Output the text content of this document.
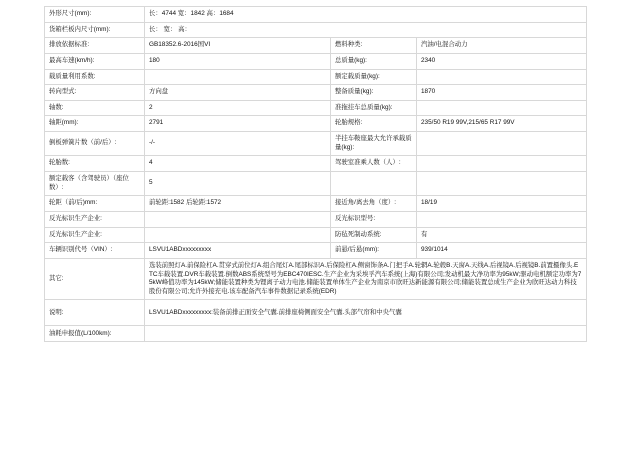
外形尺寸(mm):	长：4744 宽：1842 高：1684		
货箱栏板内尺寸(mm):	长： 宽： 高：		
排放依据标准:	GB18352.6-2016国VI	燃料种类:	汽油/电混合动力
最高车速(km/h):	180	总质量(kg):	2340
载质量利用系数:		额定载质量(kg):	
转向型式:	方向盘	整备质量(kg):	1870
轴数:	2	准拖挂车总质量(kg):	
轴距(mm):	2791	轮胎规格:	235/50 R19 99V,215/65 R17 99V
倒板弹簧片数（前/后）:	-/-	半挂车鞍座最大允许承载质量(kg):	
轮胎数:	4	驾驶室准乘人数（人）:	
额定载客（含驾驶员）（座位数）:	5		
轮距（前/后)mm:	前轮距:1582 后轮距:1572	接近角/离去角（度）:	18/19
反光标识生产企业:		反光标识型号:	
反光标识生产企业:		防毡死制动系统:	有
车辆识别代号（VIN）:	LSVU1ABDxxxxxxxxx	前悬/后悬(mm):	939/1014
其它:	选装前照灯A.前保险杠A.贯穿式前位灯A.组合尾灯A.尾部标识A.后保险杠A.侧窗饰条A.门把手A.轮辋A.轮毂B.天窗A.天线A.后视镜A.后视镜B.前置摄像头.ETC车载装置.DVR车载装置.倒数ABS系统型号为EBC470IESC.生产企业为采埃孚汽车系统(上海)有限公司;发动机最大净功率为95kW;驱动电机额定功率为75kW峰值功率为145kW;储能装置种类为锂离子动力电池.储能装置单体生产企业为南京市欣旺达新能源有限公司;储能装置总成生产企业为欣旺达动力科技股份有限公司;允许外接充电.该车配备汽车事件数据记录系统(EDR)		
说明:	LSVU1ABDxxxxxxxxx:装备前排正面安全气囊.前排座椅侧面安全气囊.头部气帘和中央气囊		
油耗申报值(L/100km):			
